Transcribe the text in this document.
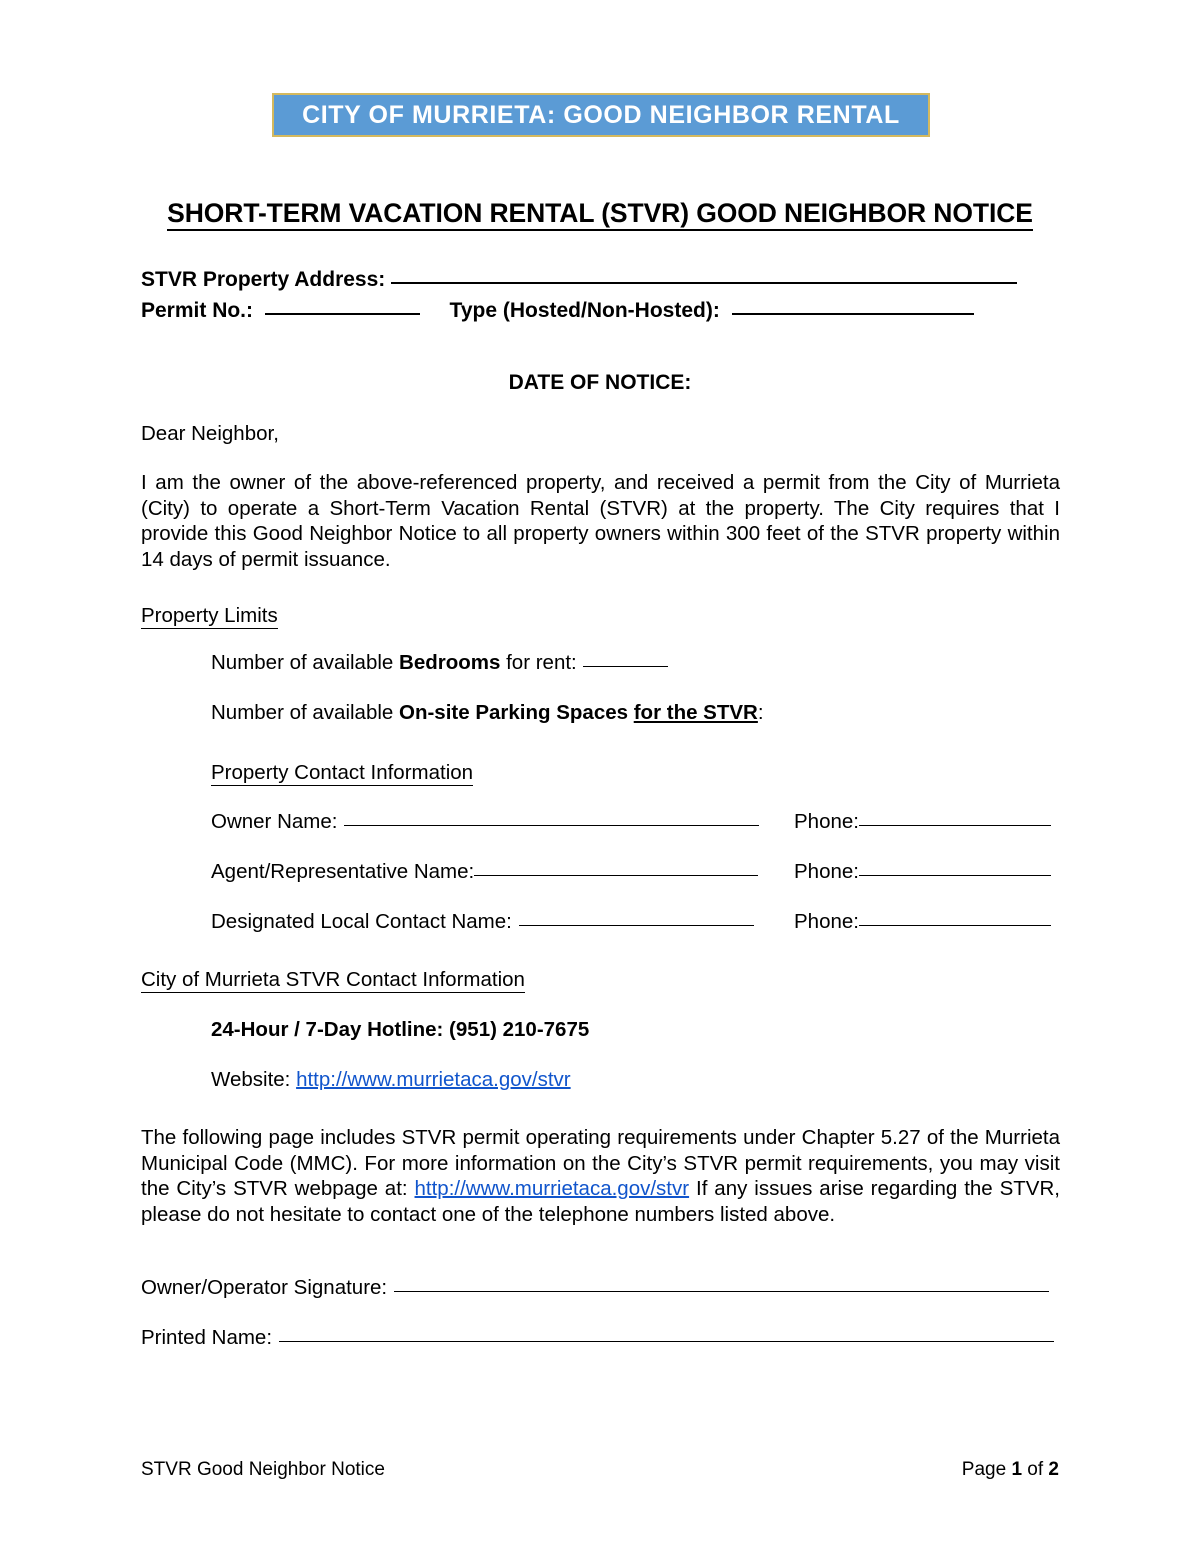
CITY OF MURRIETA: GOOD NEIGHBOR RENTAL
SHORT-TERM VACATION RENTAL (STVR) GOOD NEIGHBOR NOTICE
STVR Property Address:
Permit No.:	Type (Hosted/Non-Hosted):
DATE OF NOTICE:
Dear Neighbor,
I am the owner of the above-referenced property, and received a permit from the City of Murrieta (City) to operate a Short-Term Vacation Rental (STVR) at the property. The City requires that I provide this Good Neighbor Notice to all property owners within 300 feet of the STVR property within 14 days of permit issuance.
Property Limits
Number of available Bedrooms for rent:
Number of available On-site Parking Spaces for the STVR:
Property Contact Information
Owner Name:	Phone:
Agent/Representative Name:	Phone:
Designated Local Contact Name:	Phone:
City of Murrieta STVR Contact Information
24-Hour / 7-Day Hotline: (951) 210-7675
Website: http://www.murrietaca.gov/stvr
The following page includes STVR permit operating requirements under Chapter 5.27 of the Murrieta Municipal Code (MMC). For more information on the City’s STVR permit requirements, you may visit the City’s STVR webpage at: http://www.murrietaca.gov/stvr If any issues arise regarding the STVR, please do not hesitate to contact one of the telephone numbers listed above.
Owner/Operator Signature:
Printed Name:
STVR Good Neighbor Notice	Page 1 of 2
